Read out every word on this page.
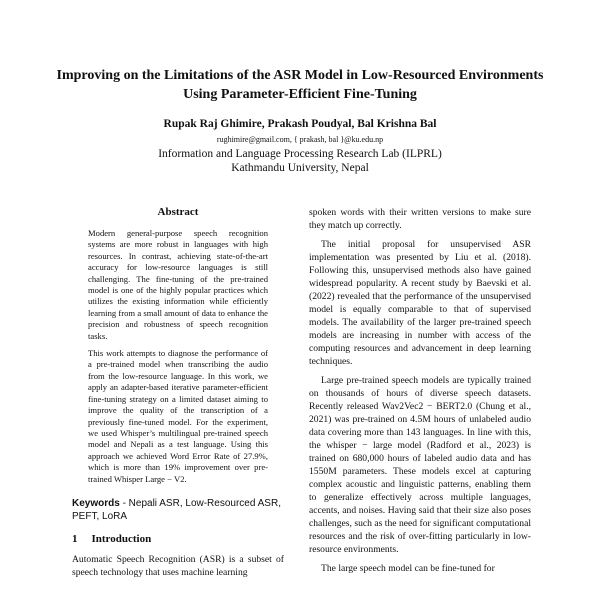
Improving on the Limitations of the ASR Model in Low-Resourced Environments Using Parameter-Efficient Fine-Tuning
Rupak Raj Ghimire, Prakash Poudyal, Bal Krishna Bal
rughimire@gmail.com, { prakash, bal }@ku.edu.np
Information and Language Processing Research Lab (ILPRL)
Kathmandu University, Nepal
Abstract

Modern general-purpose speech recognition systems are more robust in languages with high resources. In contrast, achieving state-of-the-art accuracy for low-resource languages is still challenging. The fine-tuning of the pre-trained model is one of the highly popular practices which utilizes the existing information while efficiently learning from a small amount of data to enhance the precision and robustness of speech recognition tasks.

This work attempts to diagnose the performance of a pre-trained model when transcribing the audio from the low-resource language. In this work, we apply an adapter-based iterative parameter-efficient fine-tuning strategy on a limited dataset aiming to improve the quality of the transcription of a previously fine-tuned model. For the experiment, we used Whisper’s multilingual pre-trained speech model and Nepali as a test language. Using this approach we achieved Word Error Rate of 27.9%, which is more than 19% improvement over pre-trained Whisper Large − V2.

Keywords - Nepali ASR, Low-Resourced ASR, PEFT, LoRA
1 Introduction

Automatic Speech Recognition (ASR) is a subset of speech technology that uses machine learning

spoken words with their written versions to make sure they match up correctly.

The initial proposal for unsupervised ASR implementation was presented by Liu et al. (2018). Following this, unsupervised methods also have gained widespread popularity. A recent study by Baevski et al. (2022) revealed that the performance of the unsupervised model is equally comparable to that of supervised models. The availability of the larger pre-trained speech models are increasing in number with access of the computing resources and advancement in deep learning techniques.

Large pre-trained speech models are typically trained on thousands of hours of diverse speech datasets. Recently released Wav2Vec2 − BERT2.0 (Chung et al., 2021) was pre-trained on 4.5M hours of unlabeled audio data covering more than 143 languages. In line with this, the whisper − large model (Radford et al., 2023) is trained on 680,000 hours of labeled audio data and has 1550M parameters. These models excel at capturing complex acoustic and linguistic patterns, enabling them to generalize effectively across multiple languages, accents, and noises. Having said that their size also poses challenges, such as the need for significant computational resources and the risk of over-fitting particularly in low-resource environments.

The large speech model can be fine-tuned for
